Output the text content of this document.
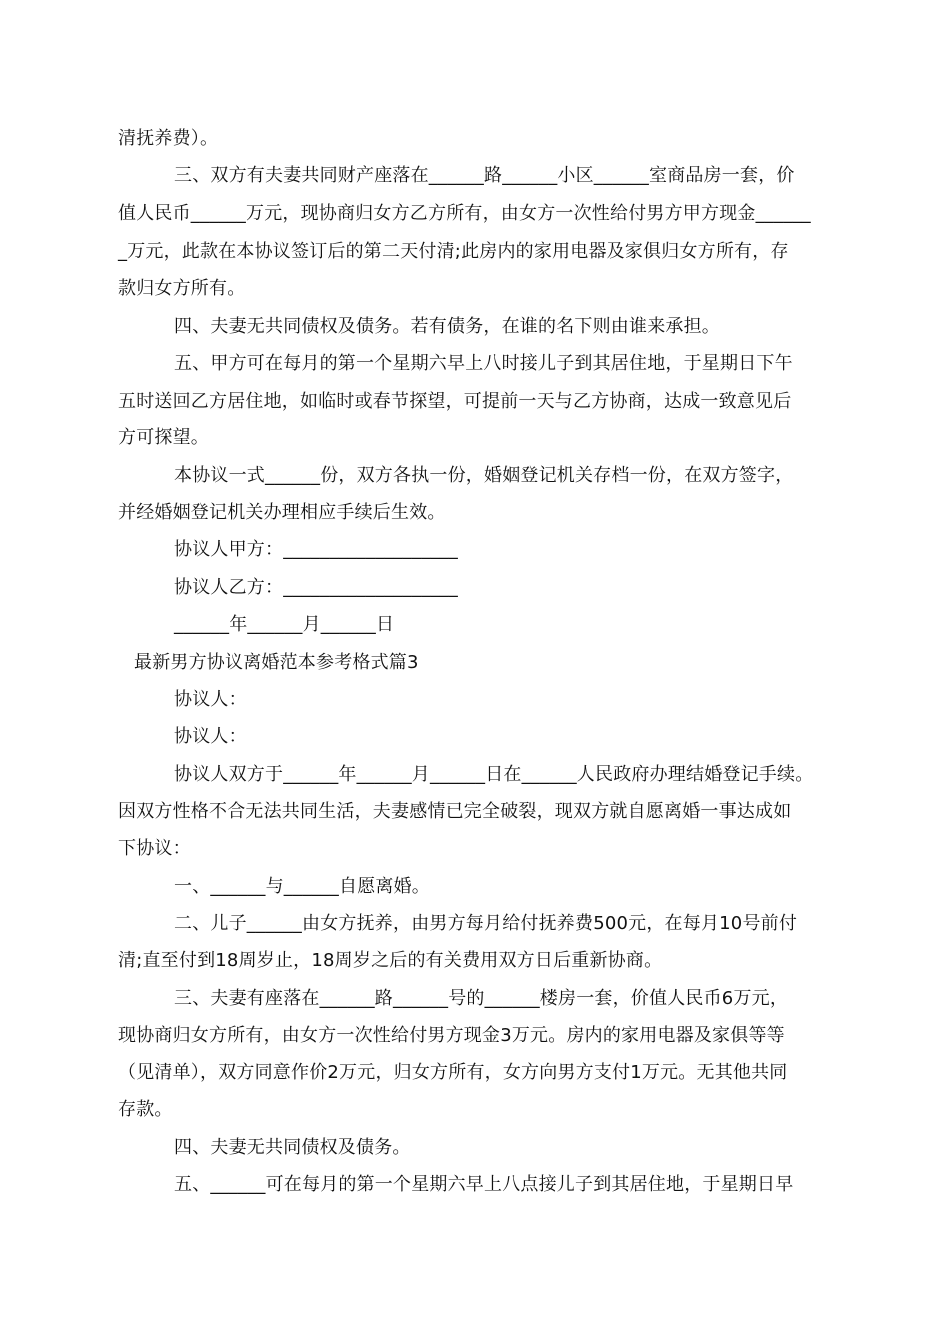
清抚养费）。
三、双方有夫妻共同财产座落在______路______小区______室商品房一套，价
值人民币______万元，现协商归女方乙方所有，由女方一次性给付男方甲方现金______
_万元，此款在本协议签订后的第二天付清;此房内的家用电器及家俱归女方所有，存
款归女方所有。
四、夫妻无共同债权及债务。若有债务，在谁的名下则由谁来承担。
五、甲方可在每月的第一个星期六早上八时接儿子到其居住地，于星期日下午
五时送回乙方居住地，如临时或春节探望，可提前一天与乙方协商，达成一致意见后
方可探望。
本协议一式______份，双方各执一份，婚姻登记机关存档一份，在双方签字，
并经婚姻登记机关办理相应手续后生效。
协议人甲方：___________________
协议人乙方：___________________
______年______月______日
最新男方协议离婚范本参考格式篇3
协议人：
协议人：
协议人双方于______年______月______日在______人民政府办理结婚登记手续。
因双方性格不合无法共同生活，夫妻感情已完全破裂，现双方就自愿离婚一事达成如
下协议：
一、______与______自愿离婚。
二、儿子______由女方抚养，由男方每月给付抚养费500元，在每月10号前付
清;直至付到18周岁止，18周岁之后的有关费用双方日后重新协商。
三、夫妻有座落在______路______号的______楼房一套，价值人民币6万元，
现协商归女方所有，由女方一次性给付男方现金3万元。房内的家用电器及家俱等等
（见清单），双方同意作价2万元，归女方所有，女方向男方支付1万元。无其他共同
存款。
四、夫妻无共同债权及债务。
五、______可在每月的第一个星期六早上八点接儿子到其居住地，于星期日早
